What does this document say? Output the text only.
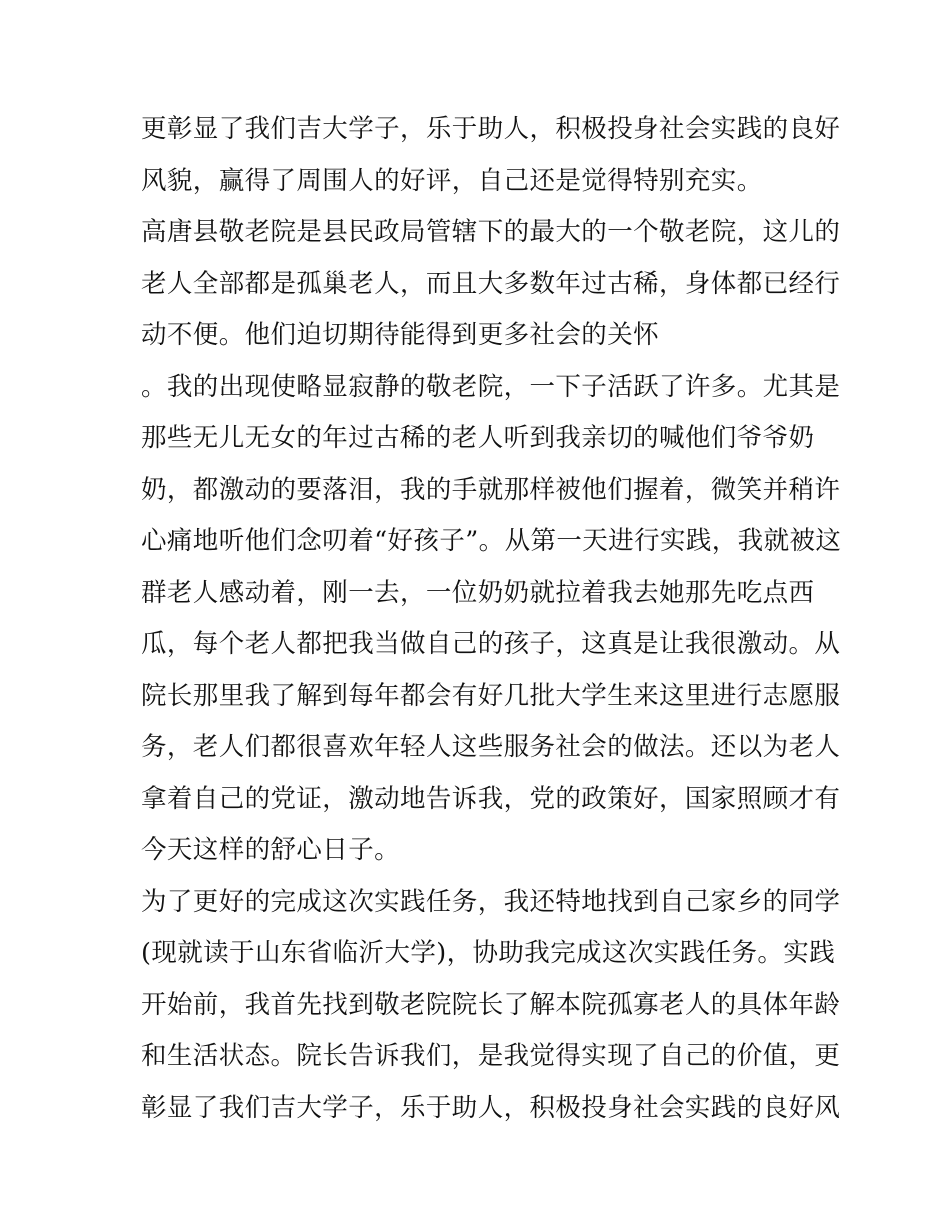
更彰显了我们吉大学子，乐于助人，积极投身社会实践的良好
风貌，赢得了周围人的好评，自己还是觉得特别充实。
高唐县敬老院是县民政局管辖下的最大的一个敬老院，这儿的
老人全部都是孤巢老人，而且大多数年过古稀，身体都已经行
动不便。他们迫切期待能得到更多社会的关怀
。我的出现使略显寂静的敬老院，一下子活跃了许多。尤其是
那些无儿无女的年过古稀的老人听到我亲切的喊他们爷爷奶
奶，都激动的要落泪，我的手就那样被他们握着，微笑并稍许
心痛地听他们念叨着“好孩子”。从第一天进行实践，我就被这
群老人感动着，刚一去，一位奶奶就拉着我去她那先吃点西
瓜，每个老人都把我当做自己的孩子，这真是让我很激动。从
院长那里我了解到每年都会有好几批大学生来这里进行志愿服
务，老人们都很喜欢年轻人这些服务社会的做法。还以为老人
拿着自己的党证，激动地告诉我，党的政策好，国家照顾才有
今天这样的舒心日子。
为了更好的完成这次实践任务，我还特地找到自己家乡的同学
(现就读于山东省临沂大学)，协助我完成这次实践任务。实践
开始前，我首先找到敬老院院长了解本院孤寡老人的具体年龄
和生活状态。院长告诉我们，是我觉得实现了自己的价值，更
彰显了我们吉大学子，乐于助人，积极投身社会实践的良好风
